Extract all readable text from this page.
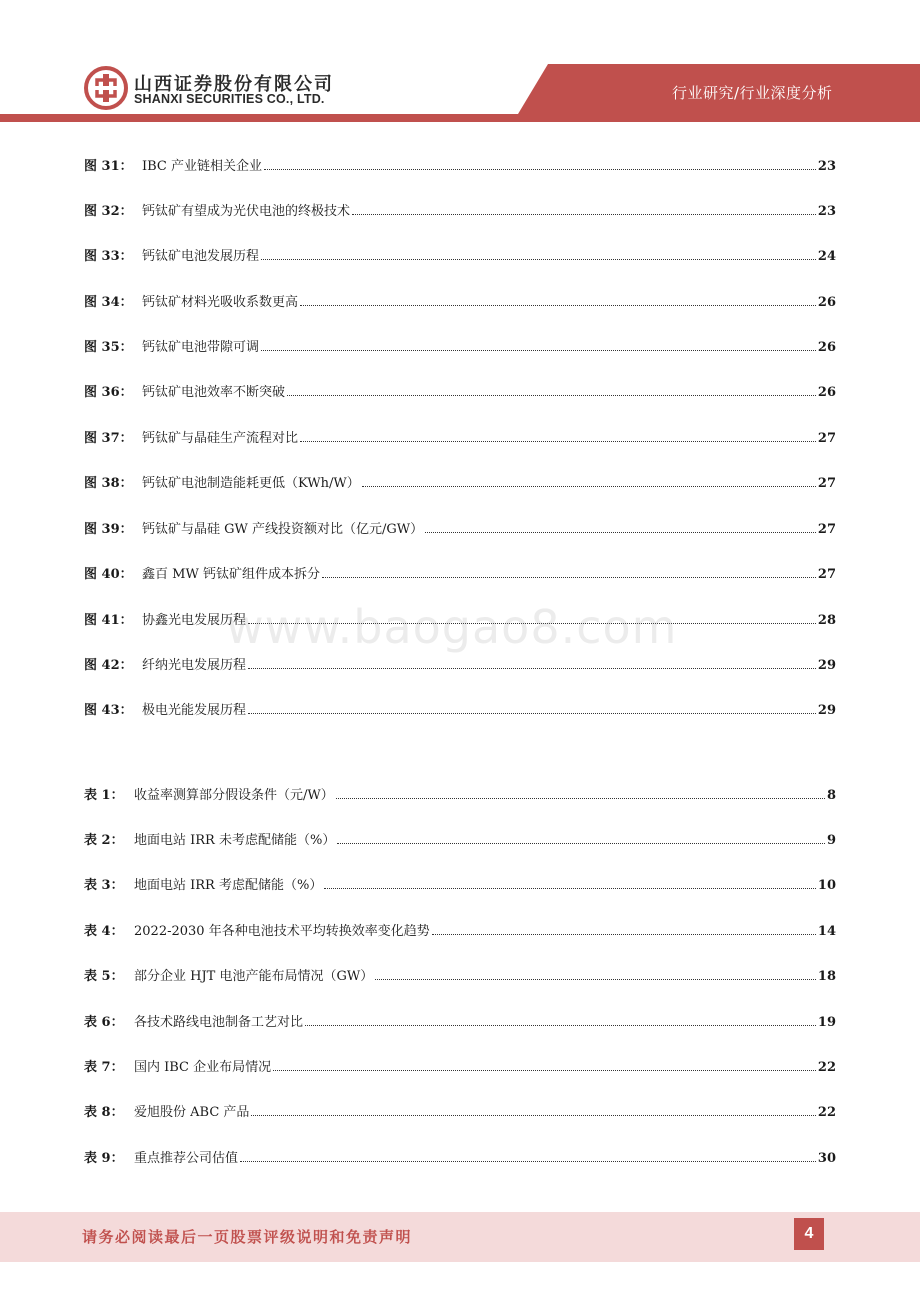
山西证券股份有限公司
SHANXI SECURITIES CO., LTD.	行业研究/行业深度分析
图 31： IBC 产业链相关企业	23
图 32： 钙钛矿有望成为光伏电池的终极技术	23
图 33： 钙钛矿电池发展历程	24
图 34： 钙钛矿材料光吸收系数更高	26
图 35： 钙钛矿电池带隙可调	26
图 36： 钙钛矿电池效率不断突破	26
图 37： 钙钛矿与晶硅生产流程对比	27
图 38： 钙钛矿电池制造能耗更低（KWh/W）	27
图 39： 钙钛矿与晶硅 GW 产线投资额对比（亿元/GW）	27
图 40： 鑫百 MW 钙钛矿组件成本拆分	27
图 41： 协鑫光电发展历程	28
图 42： 纤纳光电发展历程	29
图 43： 极电光能发展历程	29
表 1： 收益率测算部分假设条件（元/W）	8
表 2： 地面电站 IRR 未考虑配储能（%）	9
表 3： 地面电站 IRR 考虑配储能（%）	10
表 4： 2022-2030 年各种电池技术平均转换效率变化趋势	14
表 5： 部分企业 HJT 电池产能布局情况（GW）	18
表 6： 各技术路线电池制备工艺对比	19
表 7： 国内 IBC 企业布局情况	22
表 8： 爱旭股份 ABC 产品	22
表 9： 重点推荐公司估值	30
www.baogao8.com
请务必阅读最后一页股票评级说明和免责声明	4
